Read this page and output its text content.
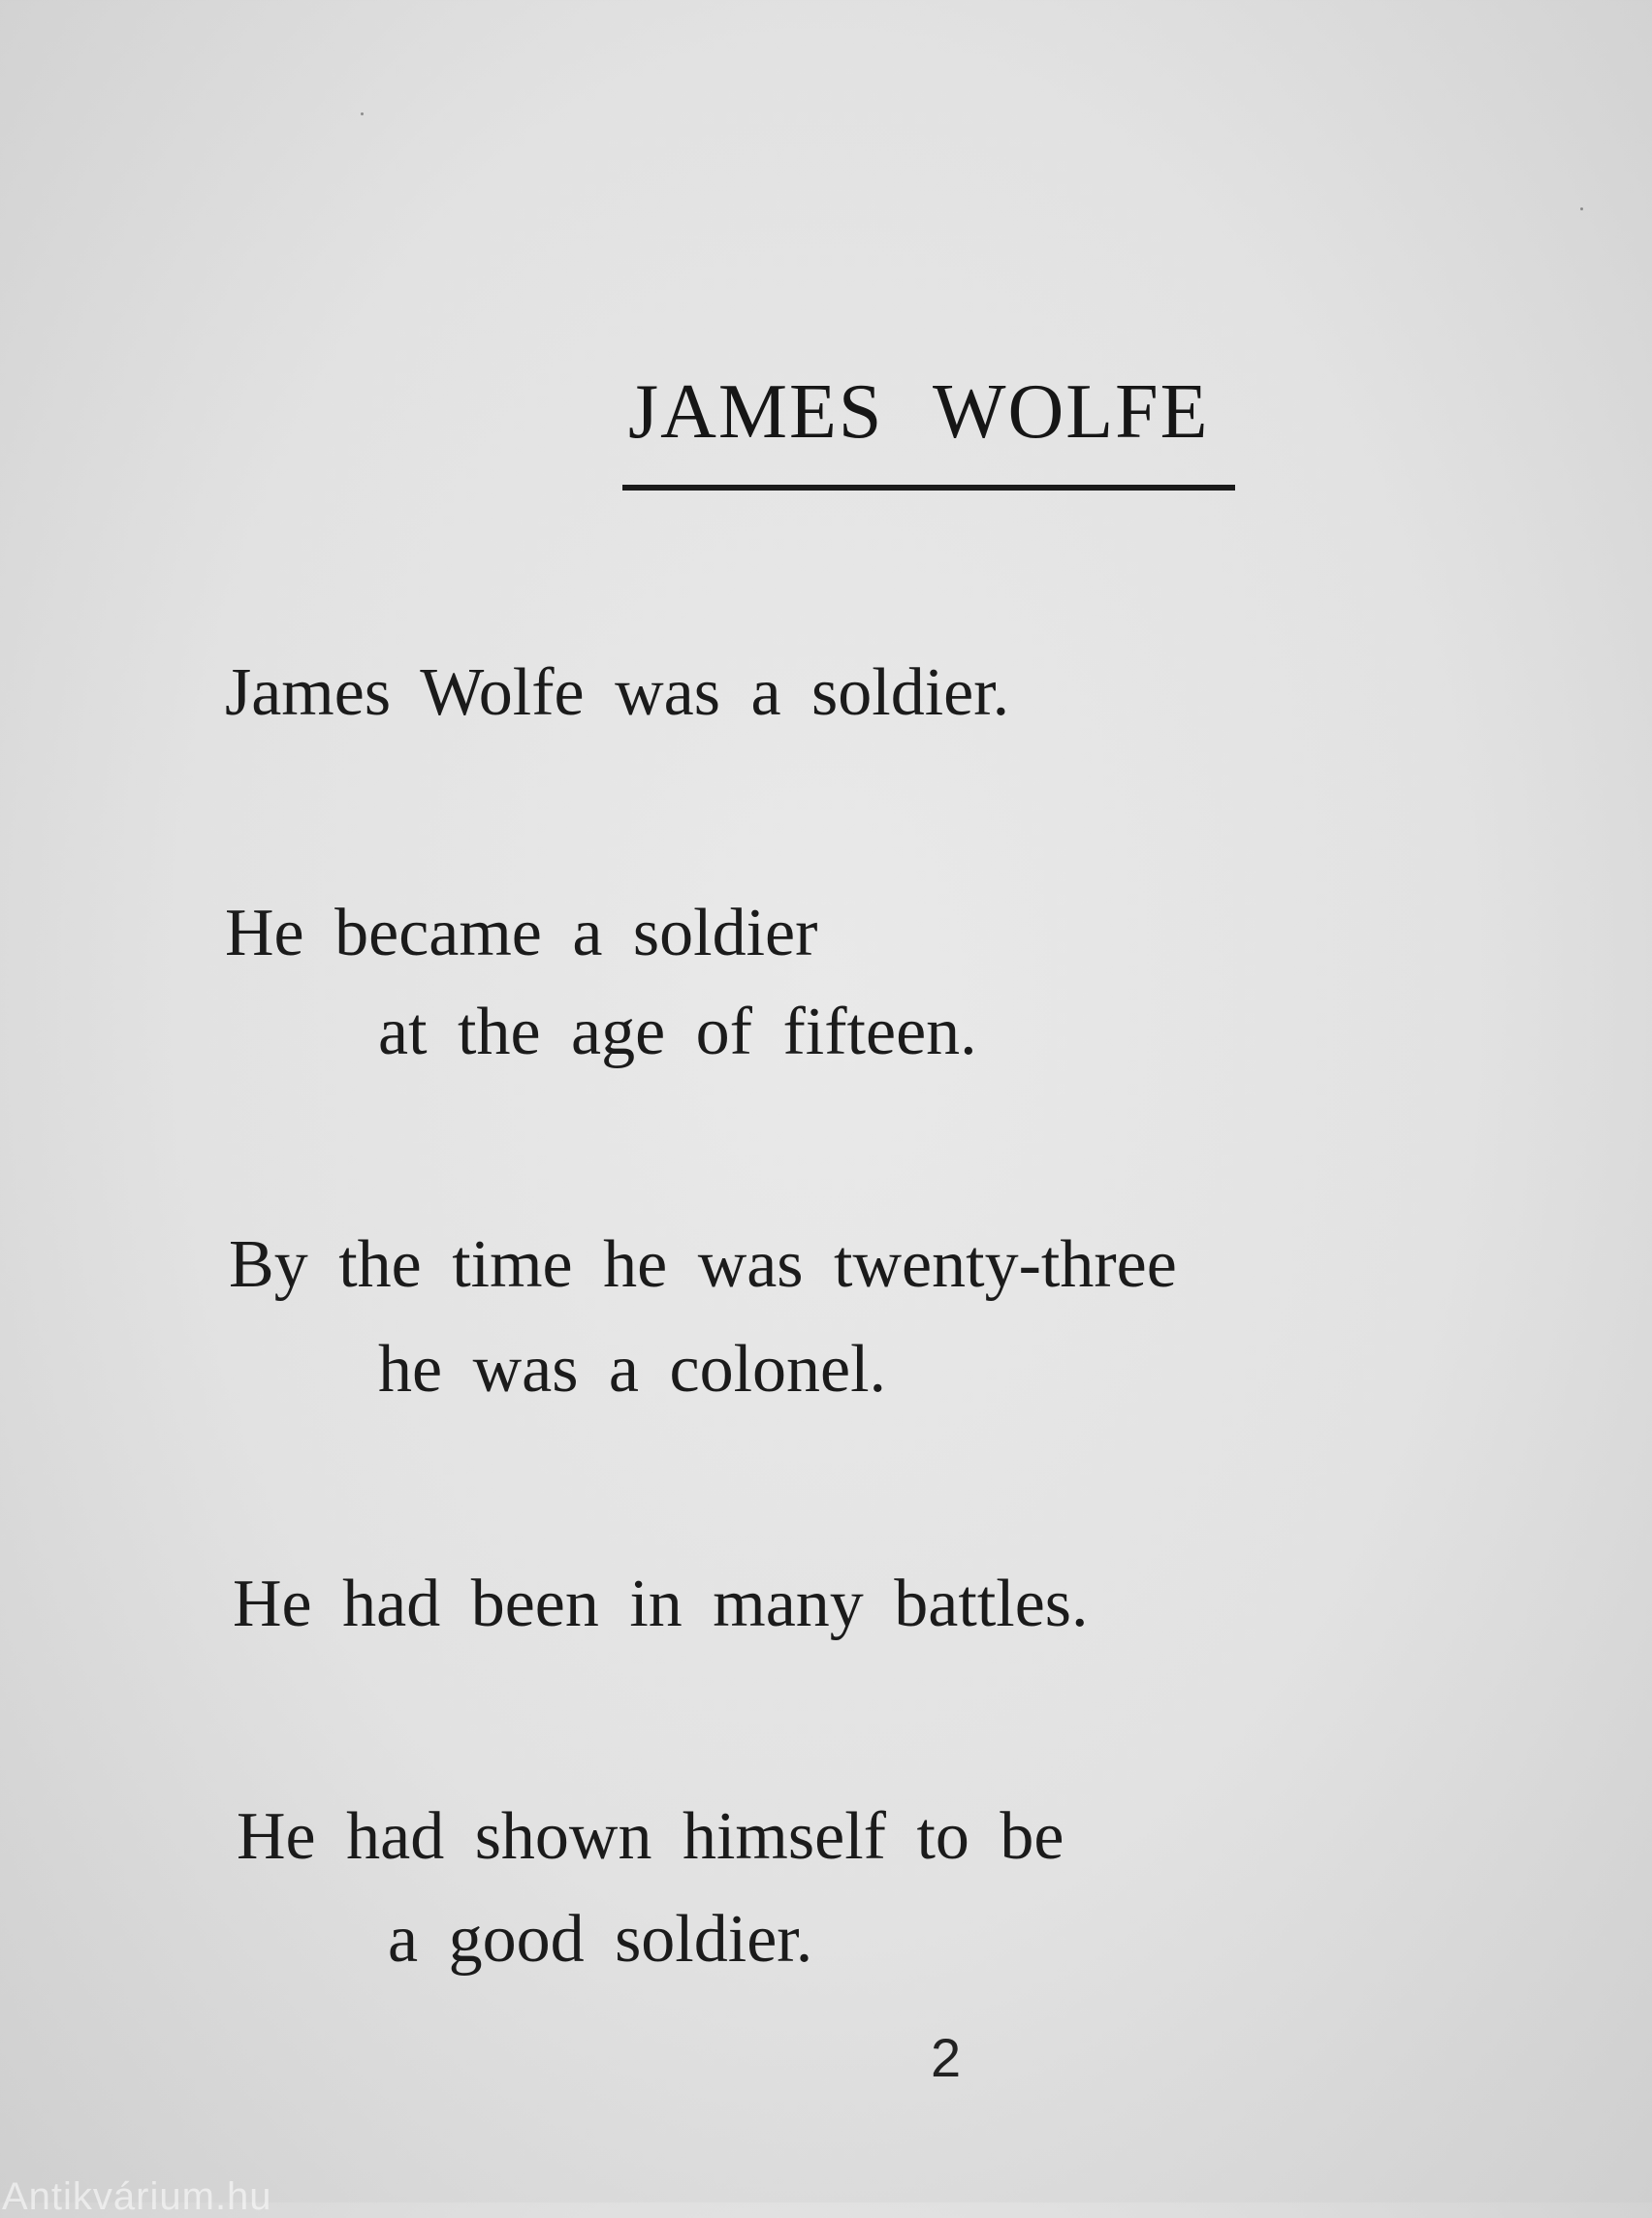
JAMES WOLFE

James Wolfe was a soldier.

He became a soldier

at the age of fifteen.

By the time he was twenty-three

he was a colonel.

He had been in many battles.

He had shown himself to be

a good soldier.

2
Antikvárium.hu
